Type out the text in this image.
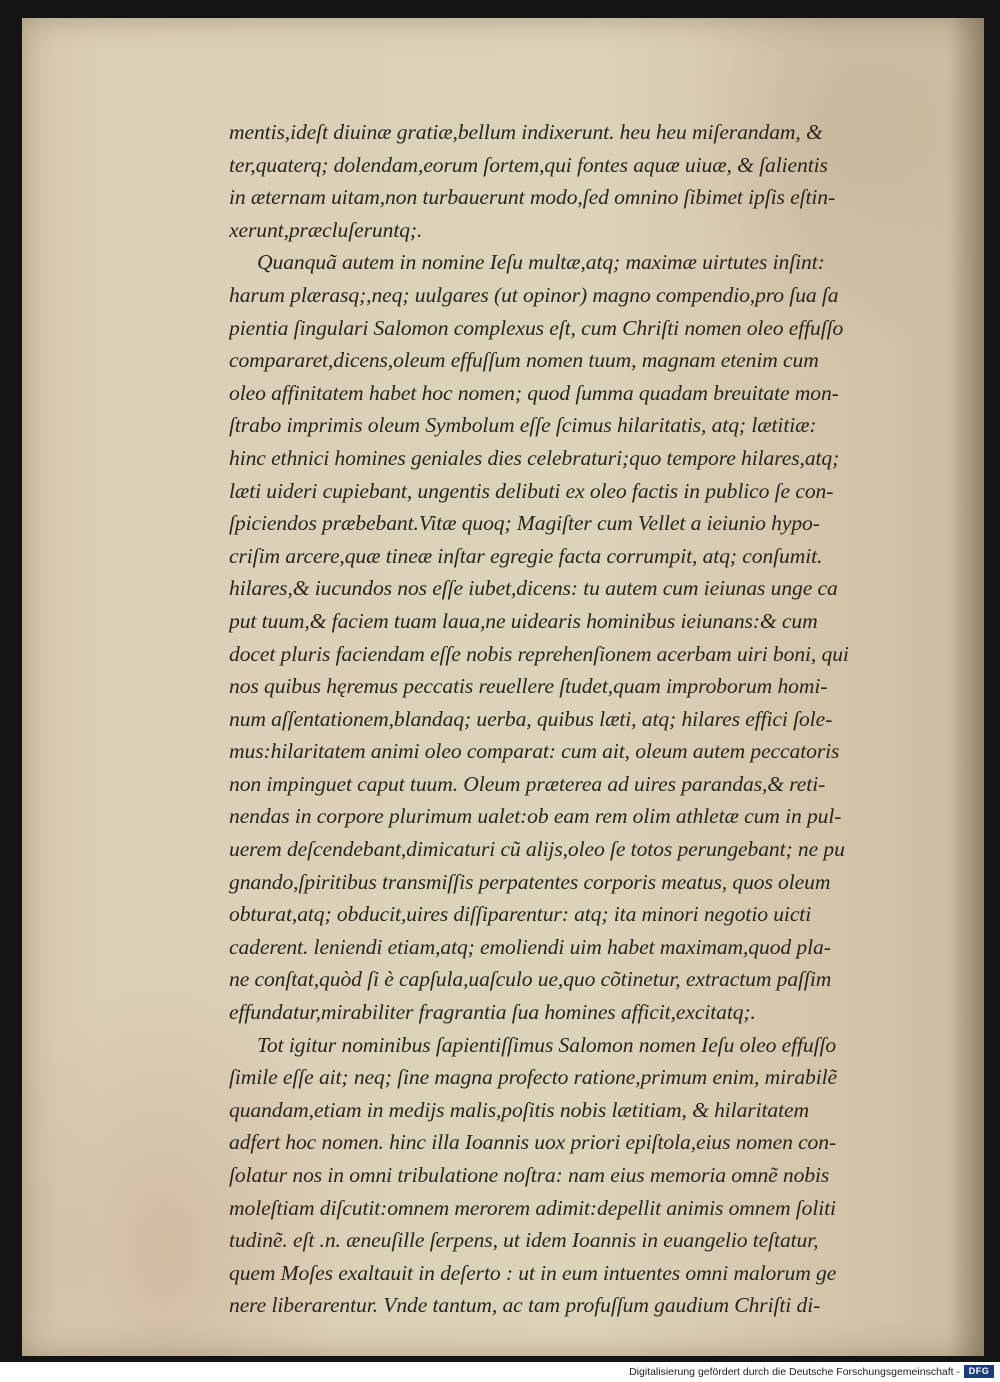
mentis,ideſt diuinæ gratiæ,bellum indixerunt. heu heu miſerandam, &
ter,quaterq; dolendam,eorum ſortem,qui fontes aquæ uiuæ, & ſalientis
in æternam uitam,non turbauerunt modo,ſed omnino ſibimet ipſis eſtin-
xerunt,præcluſeruntq;.
Quanquã autem in nomine Ieſu multæ,atq; maximæ uirtutes inſint:
harum plærasq;,neq; uulgares (ut opinor) magno compendio,pro ſua ſa
pientia ſingulari Salomon complexus eſt, cum Chriſti nomen oleo effuſſo
compararet,dicens,oleum effuſſum nomen tuum, magnam etenim cum
oleo affinitatem habet hoc nomen; quod ſumma quadam breuitate mon-
ſtrabo imprimis oleum Symbolum eſſe ſcimus hilaritatis, atq; lætitiæ:
hinc ethnici homines geniales dies celebraturi;quo tempore hilares,atq;
læti uideri cupiebant, ungentis delibuti ex oleo factis in publico ſe con-
ſpiciendos præbebant.Vitæ quoq; Magiſter cum Vellet a ieiunio hypo-
criſim arcere,quæ tineæ inſtar egregie facta corrumpit, atq; conſumit.
hilares,& iucundos nos eſſe iubet,dicens: tu autem cum ieiunas unge ca
put tuum,& faciem tuam laua,ne uidearis hominibus ieiunans:& cum
docet pluris faciendam eſſe nobis reprehenſionem acerbam uiri boni, qui
nos quibus hęremus peccatis reuellere ſtudet,quam improborum homi-
num aſſentationem,blandaq; uerba, quibus læti, atq; hilares effici ſole-
mus:hilaritatem animi oleo comparat: cum ait, oleum autem peccatoris
non impinguet caput tuum. Oleum præterea ad uires parandas,& reti-
nendas in corpore plurimum ualet:ob eam rem olim athletæ cum in pul-
uerem deſcendebant,dimicaturi cũ alijs,oleo ſe totos perungebant; ne pu
gnando,ſpiritibus transmiſſis perpatentes corporis meatus, quos oleum
obturat,atq; obducit,uires diſſiparentur: atq; ita minori negotio uicti
caderent. leniendi etiam,atq; emoliendi uim habet maximam,quod pla-
ne conſtat,quòd ſi è capſula,uaſculo ue,quo cõtinetur, extractum paſſim
effundatur,mirabiliter fragrantia ſua homines afficit,excitatq;.
Tot igitur nominibus ſapientiſſimus Salomon nomen Ieſu oleo effuſſo
ſimile eſſe ait; neq; ſine magna profecto ratione,primum enim, mirabilẽ
quandam,etiam in medijs malis,poſitis nobis lætitiam, & hilaritatem
adfert hoc nomen. hinc illa Ioannis uox priori epiſtola,eius nomen con-
ſolatur nos in omni tribulatione noſtra: nam eius memoria omnẽ nobis
moleſtiam diſcutit:omnem merorem adimit:depellit animis omnem ſoliti
tudinẽ. eſt .n. æneuſille ſerpens, ut idem Ioannis in euangelio teſtatur,
quem Moſes exaltauit in deſerto : ut in eum intuentes omni malorum ge
nere liberarentur. Vnde tantum, ac tam profuſſum gaudium Chriſti di-
Digitalisierung gefördert durch die Deutsche Forschungsgemeinschaft - DFG
